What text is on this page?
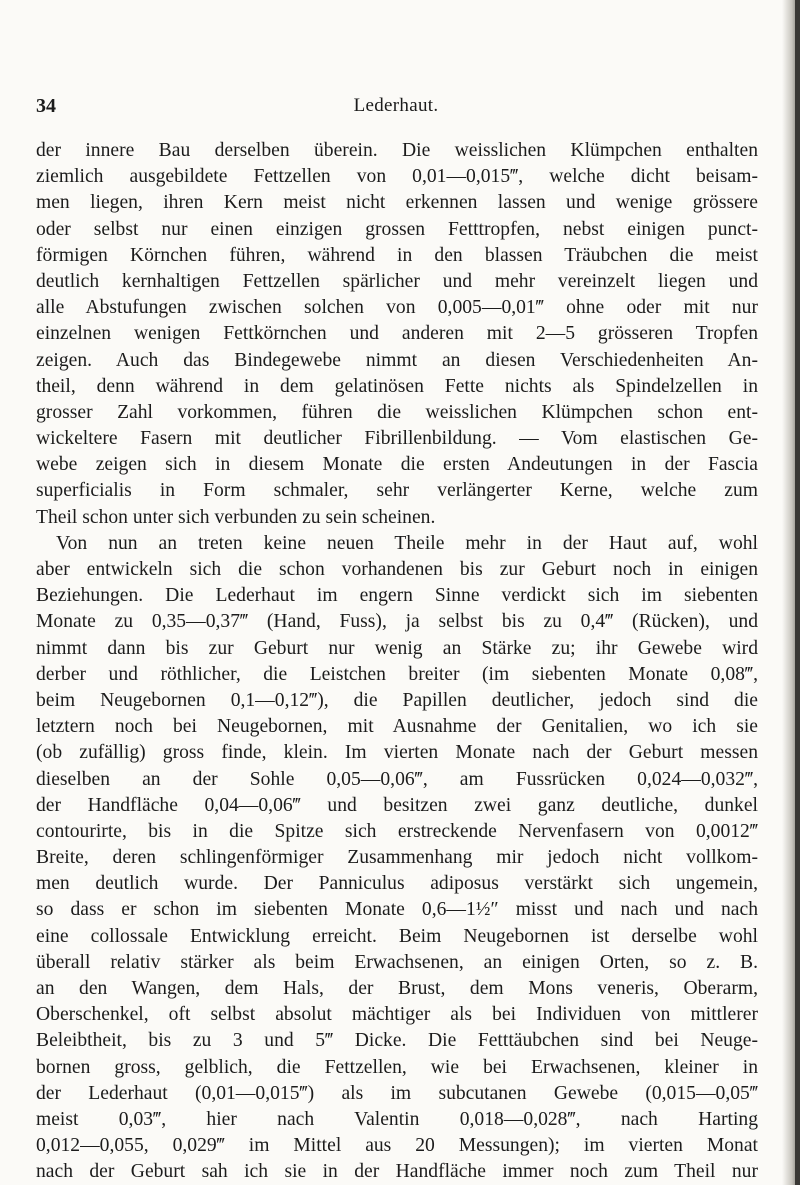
34	Lederhaut.
der innere Bau derselben überein. Die weisslichen Klümpchen enthalten
ziemlich ausgebildete Fettzellen von 0,01—0,015‴, welche dicht beisam-
men liegen, ihren Kern meist nicht erkennen lassen und wenige grössere
oder selbst nur einen einzigen grossen Fetttropfen, nebst einigen punct-
förmigen Körnchen führen, während in den blassen Träubchen die meist
deutlich kernhaltigen Fettzellen spärlicher und mehr vereinzelt liegen und
alle Abstufungen zwischen solchen von 0,005—0,01‴ ohne oder mit nur
einzelnen wenigen Fettkörnchen und anderen mit 2—5 grösseren Tropfen
zeigen. Auch das Bindegewebe nimmt an diesen Verschiedenheiten An-
theil, denn während in dem gelatinösen Fette nichts als Spindelzellen in
grosser Zahl vorkommen, führen die weisslichen Klümpchen schon ent-
wickeltere Fasern mit deutlicher Fibrillenbildung. — Vom elastischen Ge-
webe zeigen sich in diesem Monate die ersten Andeutungen in der Fascia
superficialis in Form schmaler, sehr verlängerter Kerne, welche zum
Theil schon unter sich verbunden zu sein scheinen.
Von nun an treten keine neuen Theile mehr in der Haut auf, wohl
aber entwickeln sich die schon vorhandenen bis zur Geburt noch in einigen
Beziehungen. Die Lederhaut im engern Sinne verdickt sich im siebenten
Monate zu 0,35—0,37‴ (Hand, Fuss), ja selbst bis zu 0,4‴ (Rücken), und
nimmt dann bis zur Geburt nur wenig an Stärke zu; ihr Gewebe wird
derber und röthlicher, die Leistchen breiter (im siebenten Monate 0,08‴,
beim Neugebornen 0,1—0,12‴), die Papillen deutlicher, jedoch sind die
letztern noch bei Neugebornen, mit Ausnahme der Genitalien, wo ich sie
(ob zufällig) gross finde, klein. Im vierten Monate nach der Geburt messen
dieselben an der Sohle 0,05—0,06‴, am Fussrücken 0,024—0,032‴,
der Handfläche 0,04—0,06‴ und besitzen zwei ganz deutliche, dunkel
contourirte, bis in die Spitze sich erstreckende Nervenfasern von 0,0012‴
Breite, deren schlingenförmiger Zusammenhang mir jedoch nicht vollkom-
men deutlich wurde. Der Panniculus adiposus verstärkt sich ungemein,
so dass er schon im siebenten Monate 0,6—1½″ misst und nach und nach
eine collossale Entwicklung erreicht. Beim Neugebornen ist derselbe wohl
überall relativ stärker als beim Erwachsenen, an einigen Orten, so z. B.
an den Wangen, dem Hals, der Brust, dem Mons veneris, Oberarm,
Oberschenkel, oft selbst absolut mächtiger als bei Individuen von mittlerer
Beleibtheit, bis zu 3 und 5‴ Dicke. Die Fetttäubchen sind bei Neuge-
bornen gross, gelblich, die Fettzellen, wie bei Erwachsenen, kleiner in
der Lederhaut (0,01—0,015‴) als im subcutanen Gewebe (0,015—0,05‴
meist 0,03‴, hier nach Valentin 0,018—0,028‴, nach Harting
0,012—0,055, 0,029‴ im Mittel aus 20 Messungen); im vierten Monat
nach der Geburt sah ich sie in der Handfläche immer noch zum Theil nur
